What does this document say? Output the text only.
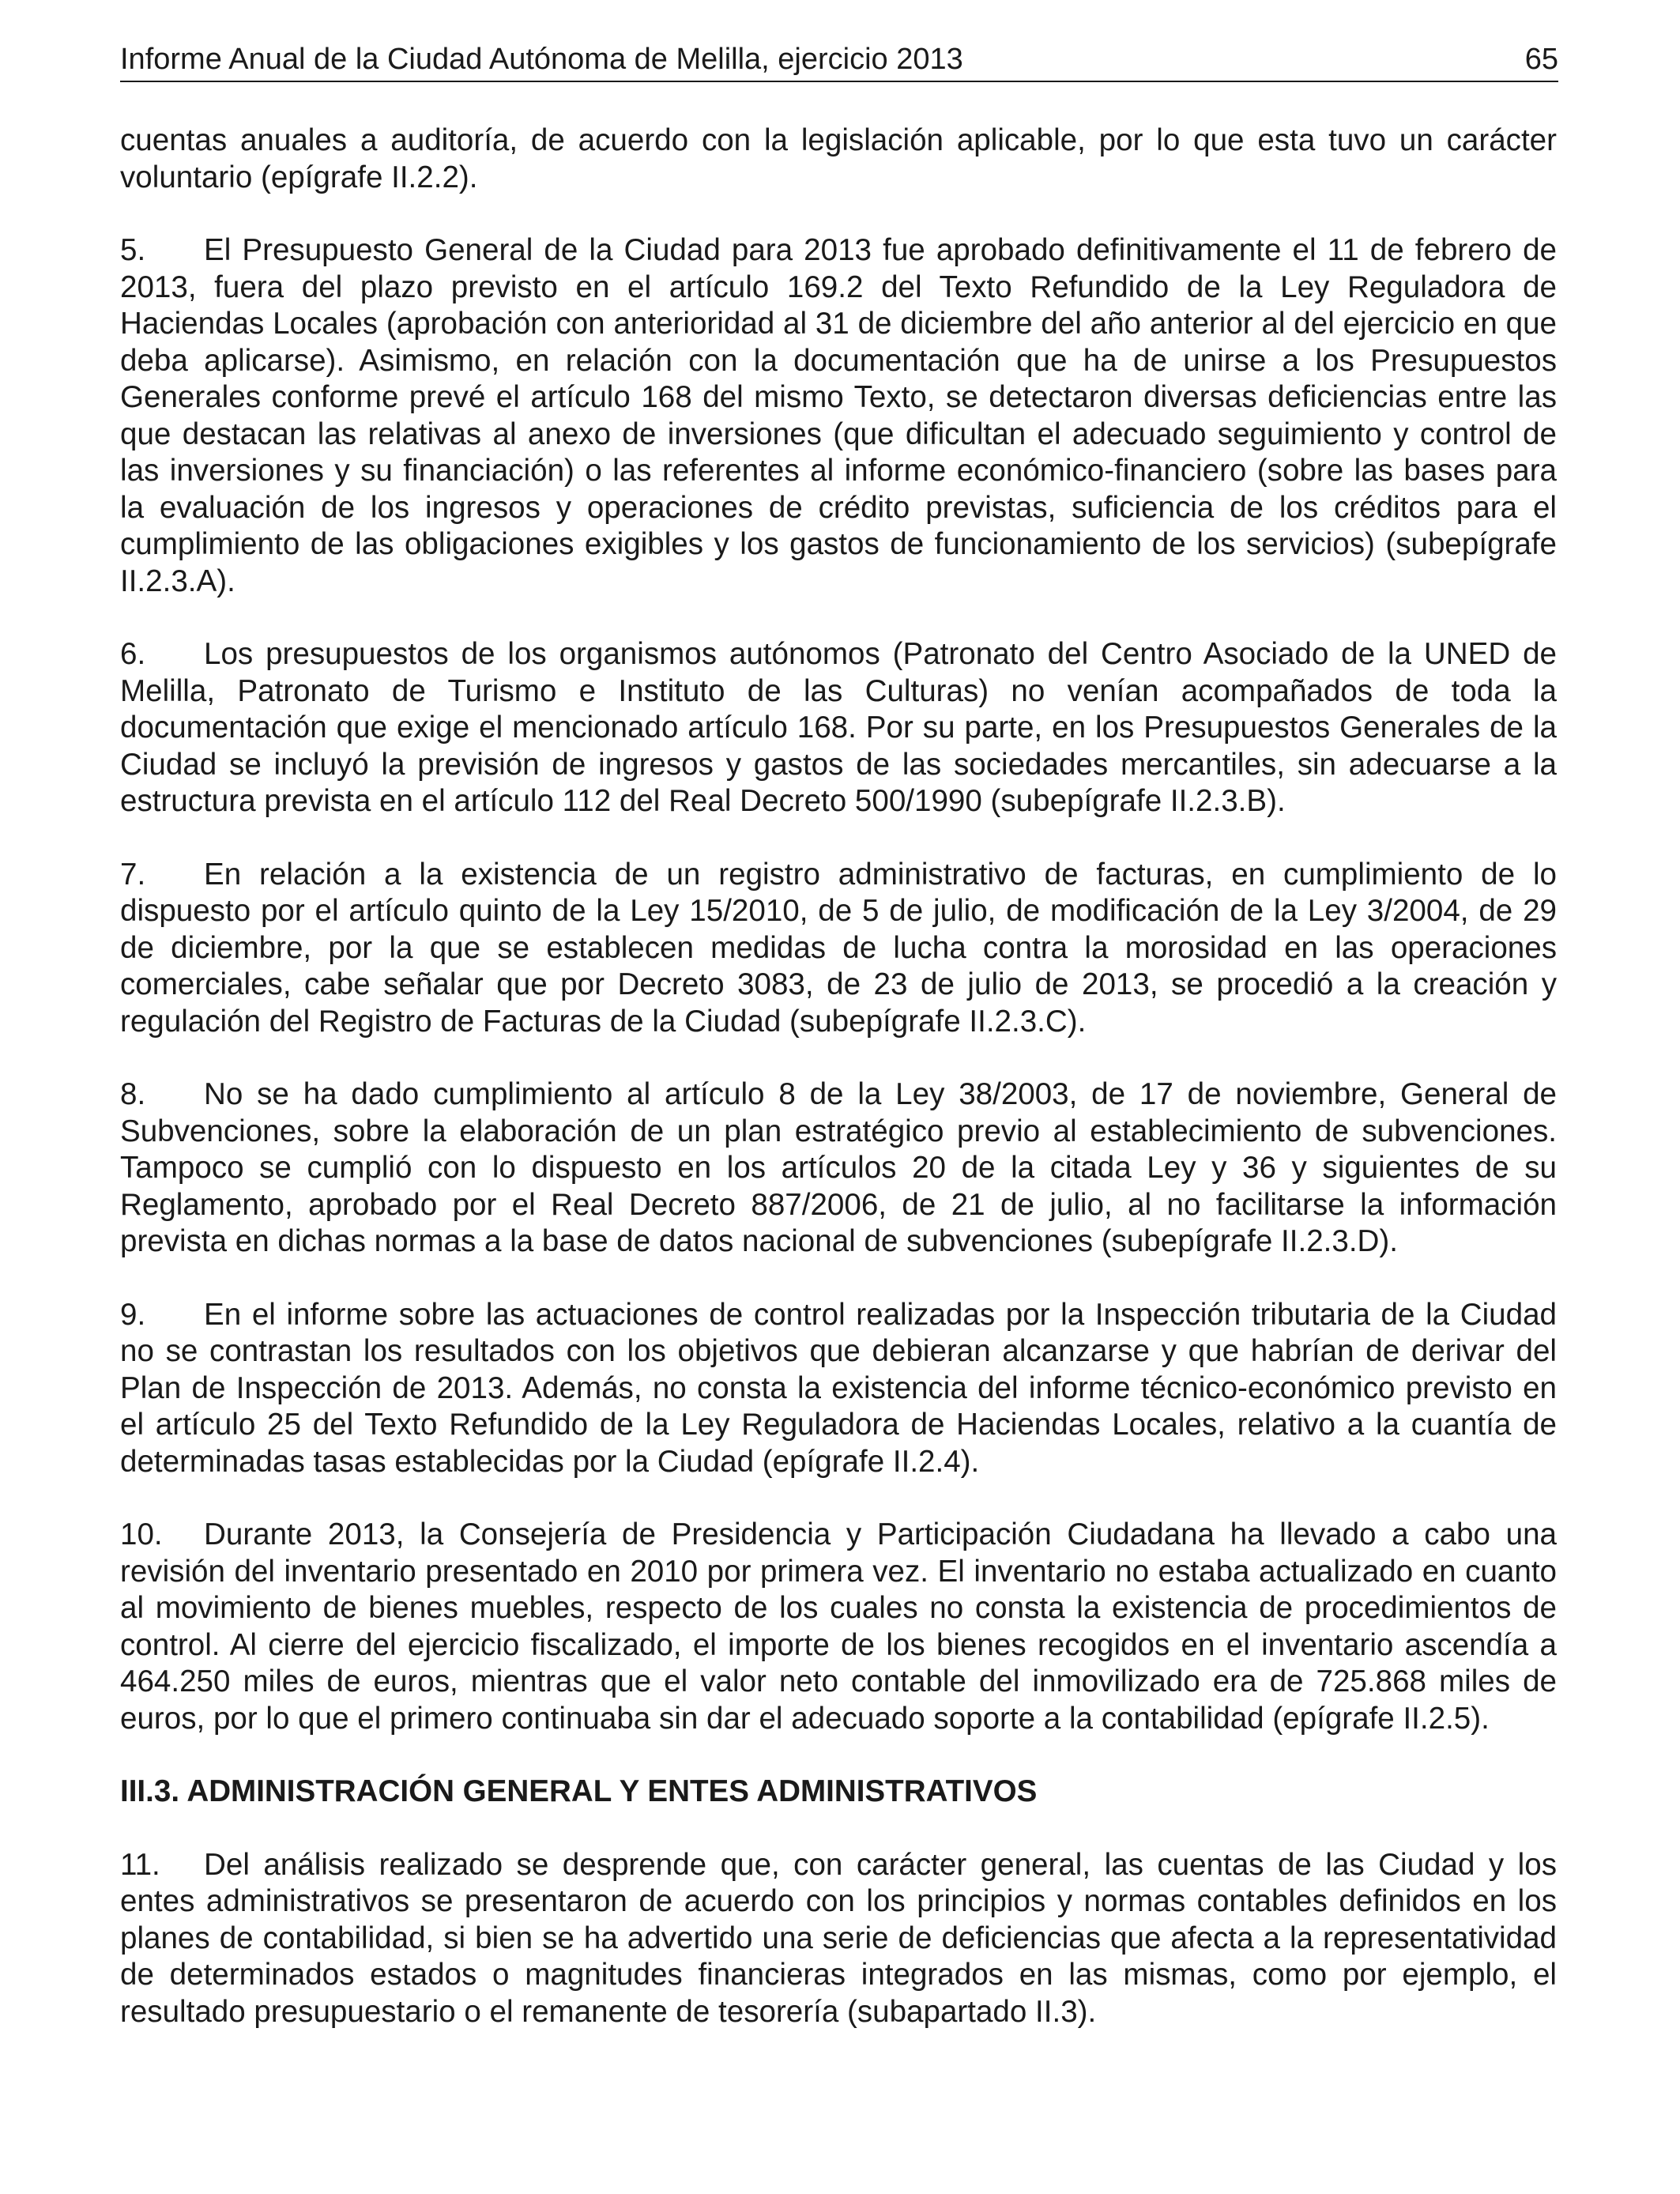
Informe Anual de la Ciudad Autónoma de Melilla, ejercicio 2013	65

cuentas anuales a auditoría, de acuerdo con la legislación aplicable, por lo que esta tuvo un carácter voluntario (epígrafe II.2.2).

5. El Presupuesto General de la Ciudad para 2013 fue aprobado definitivamente el 11 de febrero de 2013, fuera del plazo previsto en el artículo 169.2 del Texto Refundido de la Ley Reguladora de Haciendas Locales (aprobación con anterioridad al 31 de diciembre del año anterior al del ejercicio en que deba aplicarse). Asimismo, en relación con la documentación que ha de unirse a los Presupuestos Generales conforme prevé el artículo 168 del mismo Texto, se detectaron diversas deficiencias entre las que destacan las relativas al anexo de inversiones (que dificultan el adecuado seguimiento y control de las inversiones y su financiación) o las referentes al informe económico-financiero (sobre las bases para la evaluación de los ingresos y operaciones de crédito previstas, suficiencia de los créditos para el cumplimiento de las obligaciones exigibles y los gastos de funcionamiento de los servicios) (subepígrafe II.2.3.A).

6. Los presupuestos de los organismos autónomos (Patronato del Centro Asociado de la UNED de Melilla, Patronato de Turismo e Instituto de las Culturas) no venían acompañados de toda la documentación que exige el mencionado artículo 168. Por su parte, en los Presupuestos Generales de la Ciudad se incluyó la previsión de ingresos y gastos de las sociedades mercantiles, sin adecuarse a la estructura prevista en el artículo 112 del Real Decreto 500/1990 (subepígrafe II.2.3.B).

7. En relación a la existencia de un registro administrativo de facturas, en cumplimiento de lo dispuesto por el artículo quinto de la Ley 15/2010, de 5 de julio, de modificación de la Ley 3/2004, de 29 de diciembre, por la que se establecen medidas de lucha contra la morosidad en las operaciones comerciales, cabe señalar que por Decreto 3083, de 23 de julio de 2013, se procedió a la creación y regulación del Registro de Facturas de la Ciudad (subepígrafe II.2.3.C).

8. No se ha dado cumplimiento al artículo 8 de la Ley 38/2003, de 17 de noviembre, General de Subvenciones, sobre la elaboración de un plan estratégico previo al establecimiento de subvenciones. Tampoco se cumplió con lo dispuesto en los artículos 20 de la citada Ley y 36 y siguientes de su Reglamento, aprobado por el Real Decreto 887/2006, de 21 de julio, al no facilitarse la información prevista en dichas normas a la base de datos nacional de subvenciones (subepígrafe II.2.3.D).

9. En el informe sobre las actuaciones de control realizadas por la Inspección tributaria de la Ciudad no se contrastan los resultados con los objetivos que debieran alcanzarse y que habrían de derivar del Plan de Inspección de 2013. Además, no consta la existencia del informe técnico-económico previsto en el artículo 25 del Texto Refundido de la Ley Reguladora de Haciendas Locales, relativo a la cuantía de determinadas tasas establecidas por la Ciudad (epígrafe II.2.4).

10. Durante 2013, la Consejería de Presidencia y Participación Ciudadana ha llevado a cabo una revisión del inventario presentado en 2010 por primera vez. El inventario no estaba actualizado en cuanto al movimiento de bienes muebles, respecto de los cuales no consta la existencia de procedimientos de control. Al cierre del ejercicio fiscalizado, el importe de los bienes recogidos en el inventario ascendía a 464.250 miles de euros, mientras que el valor neto contable del inmovilizado era de 725.868 miles de euros, por lo que el primero continuaba sin dar el adecuado soporte a la contabilidad (epígrafe II.2.5).

III.3. ADMINISTRACIÓN GENERAL Y ENTES ADMINISTRATIVOS

11. Del análisis realizado se desprende que, con carácter general, las cuentas de las Ciudad y los entes administrativos se presentaron de acuerdo con los principios y normas contables definidos en los planes de contabilidad, si bien se ha advertido una serie de deficiencias que afecta a la representatividad de determinados estados o magnitudes financieras integrados en las mismas, como por ejemplo, el resultado presupuestario o el remanente de tesorería (subapartado II.3).
